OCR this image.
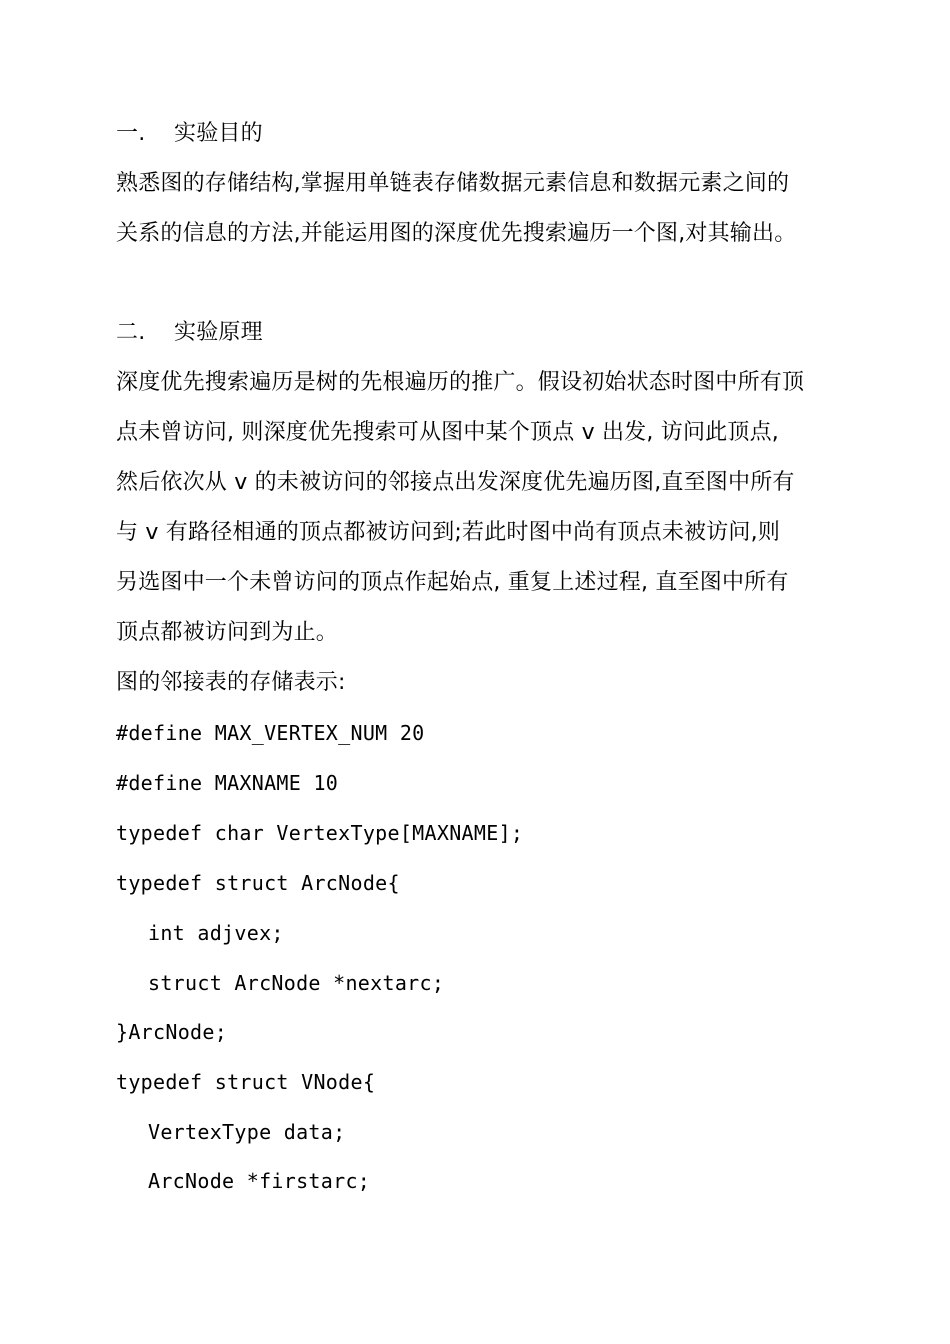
一. 实验目的
熟悉图的存储结构,掌握用单链表存储数据元素信息和数据元素之间的
关系的信息的方法,并能运用图的深度优先搜索遍历一个图,对其输出。
二. 实验原理
深度优先搜索遍历是树的先根遍历的推广。假设初始状态时图中所有顶
点未曾访问, 则深度优先搜索可从图中某个顶点 v 出发, 访问此顶点,
然后依次从 v 的未被访问的邻接点出发深度优先遍历图,直至图中所有
与 v 有路径相通的顶点都被访问到;若此时图中尚有顶点未被访问,则
另选图中一个未曾访问的顶点作起始点, 重复上述过程, 直至图中所有
顶点都被访问到为止。
图的邻接表的存储表示:
#define MAX_VERTEX_NUM 20
#define MAXNAME 10
typedef char VertexType[MAXNAME];
typedef struct ArcNode{
int adjvex;
struct ArcNode *nextarc;
}ArcNode;
typedef struct VNode{
VertexType data;
ArcNode *firstarc;
